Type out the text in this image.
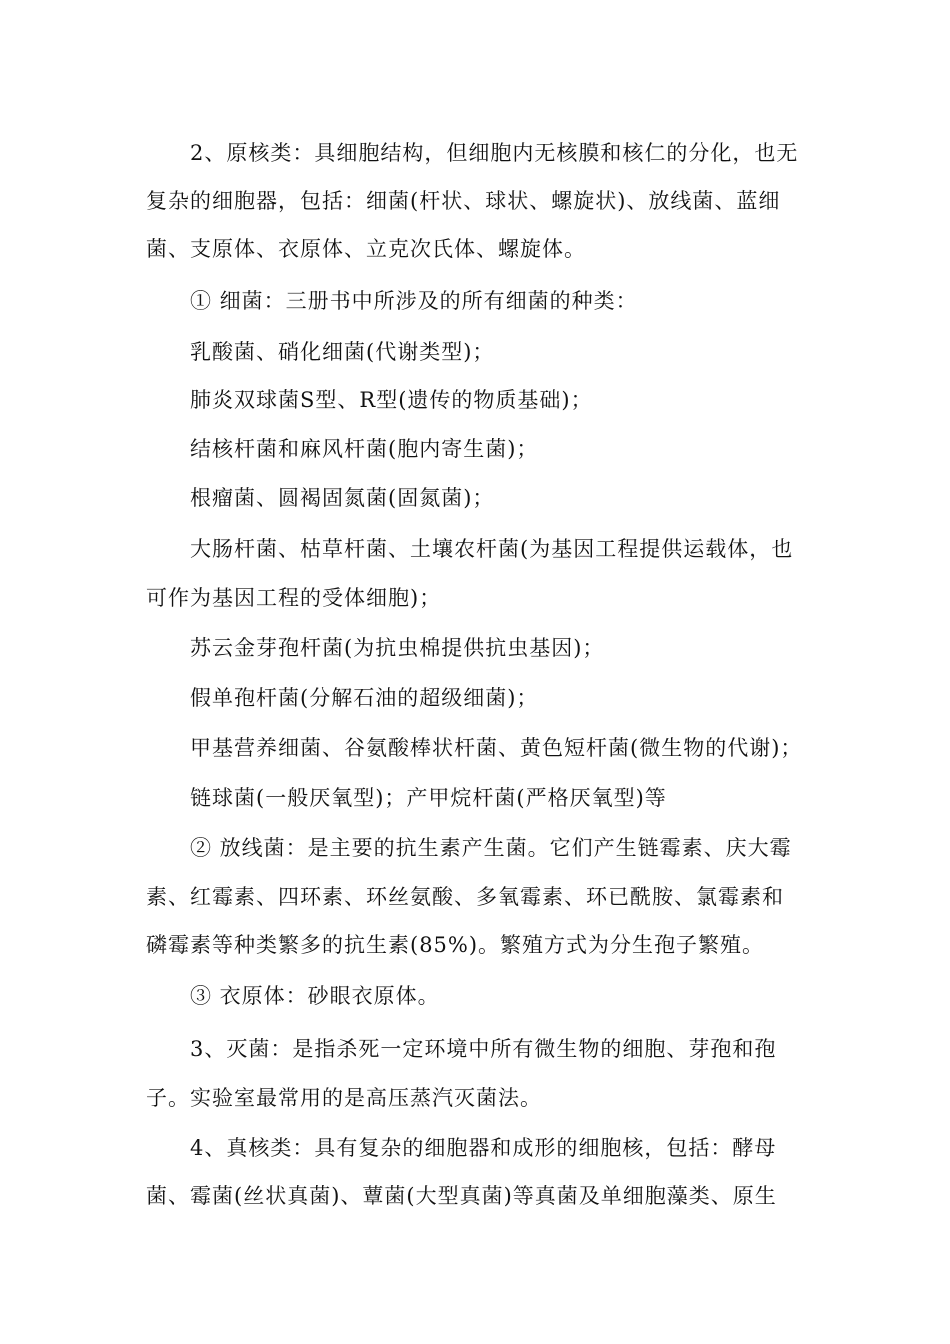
2、原核类：具细胞结构，但细胞内无核膜和核仁的分化，也无
复杂的细胞器，包括：细菌(杆状、球状、螺旋状)、放线菌、蓝细
菌、支原体、衣原体、立克次氏体、螺旋体。
① 细菌：三册书中所涉及的所有细菌的种类：
乳酸菌、硝化细菌(代谢类型)；
肺炎双球菌S型、R型(遗传的物质基础)；
结核杆菌和麻风杆菌(胞内寄生菌)；
根瘤菌、圆褐固氮菌(固氮菌)；
大肠杆菌、枯草杆菌、土壤农杆菌(为基因工程提供运载体，也
可作为基因工程的受体细胞)；
苏云金芽孢杆菌(为抗虫棉提供抗虫基因)；
假单孢杆菌(分解石油的超级细菌)；
甲基营养细菌、谷氨酸棒状杆菌、黄色短杆菌(微生物的代谢)；
链球菌(一般厌氧型)；产甲烷杆菌(严格厌氧型)等
② 放线菌：是主要的抗生素产生菌。它们产生链霉素、庆大霉
素、红霉素、四环素、环丝氨酸、多氧霉素、环已酰胺、氯霉素和
磷霉素等种类繁多的抗生素(85%)。繁殖方式为分生孢子繁殖。
③ 衣原体：砂眼衣原体。
3、灭菌：是指杀死一定环境中所有微生物的细胞、芽孢和孢
子。实验室最常用的是高压蒸汽灭菌法。
4、真核类：具有复杂的细胞器和成形的细胞核，包括：酵母
菌、霉菌(丝状真菌)、蕈菌(大型真菌)等真菌及单细胞藻类、原生
